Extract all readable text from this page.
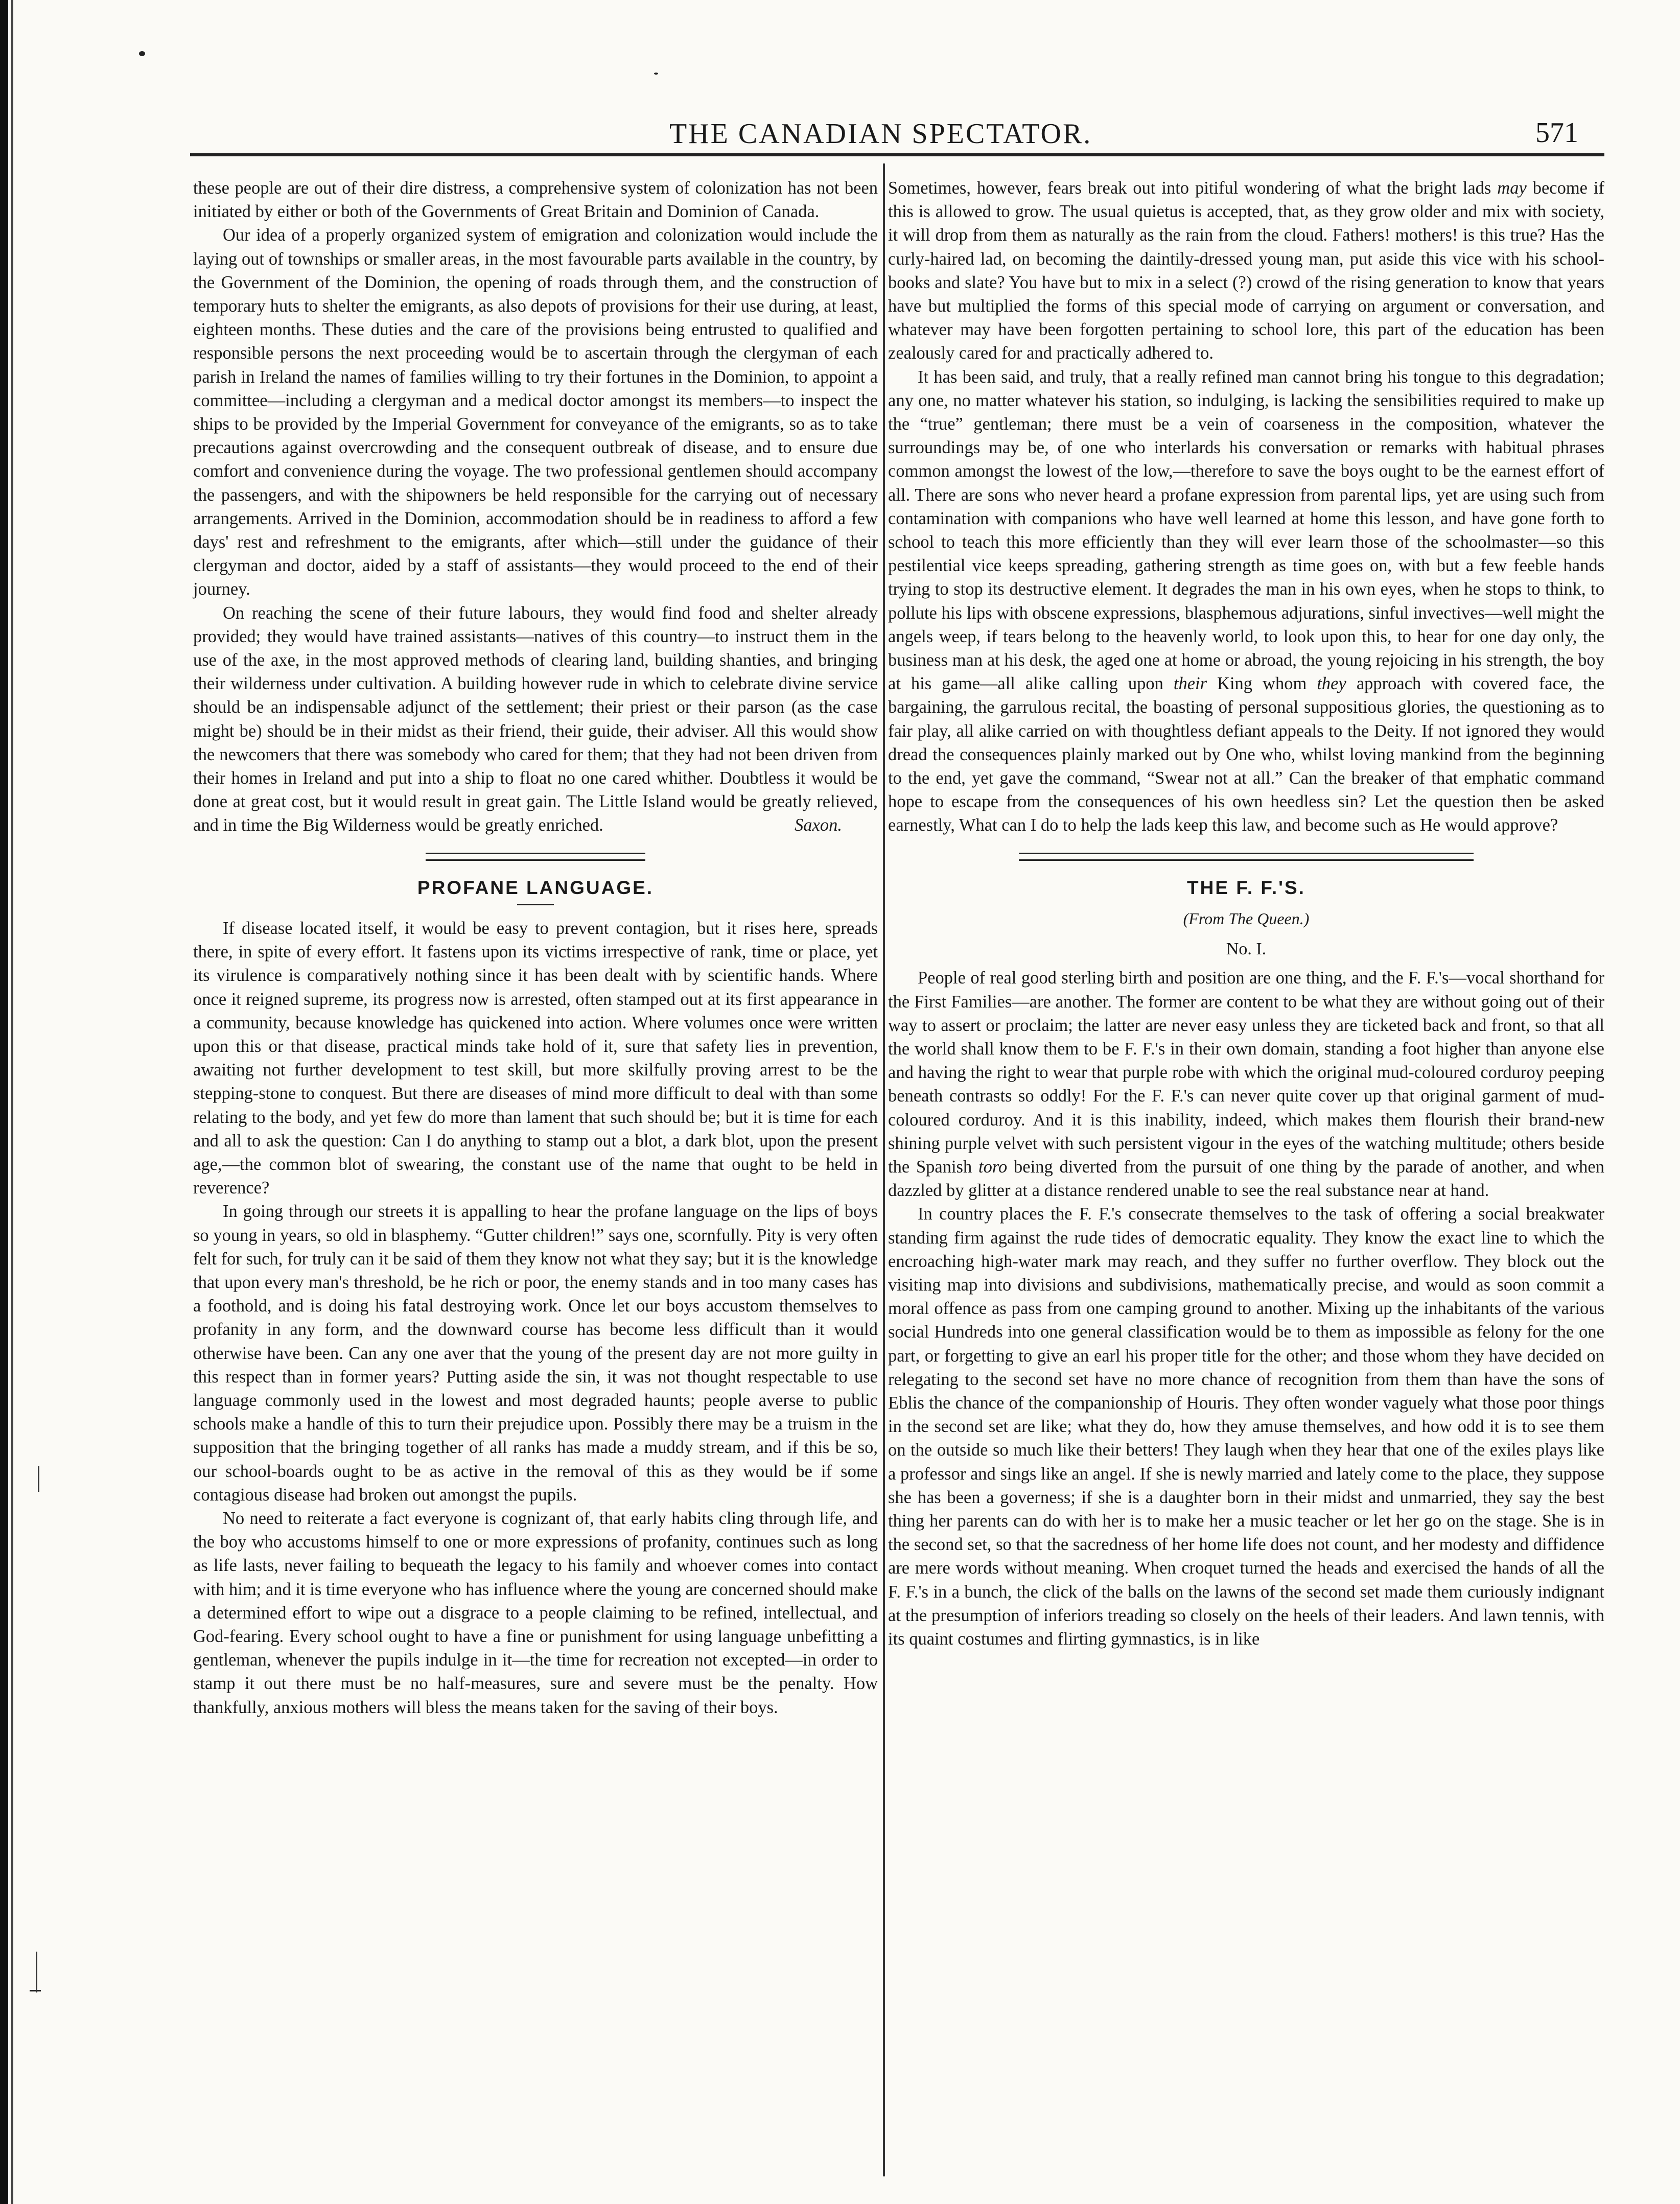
THE CANADIAN SPECTATOR.	571

these people are out of their dire distress, a comprehensive system of colonization has not been initiated by either or both of the Governments of Great Britain and Dominion of Canada.

Our idea of a properly organized system of emigration and colonization would include the laying out of townships or smaller areas, in the most favourable parts available in the country, by the Government of the Dominion, the opening of roads through them, and the construction of temporary huts to shelter the emigrants, as also depots of provisions for their use during, at least, eighteen months. These duties and the care of the provisions being entrusted to qualified and responsible persons the next proceeding would be to ascertain through the clergyman of each parish in Ireland the names of families willing to try their fortunes in the Dominion, to appoint a committee—including a clergyman and a medical doctor amongst its members—to inspect the ships to be provided by the Imperial Government for conveyance of the emigrants, so as to take precautions against overcrowding and the consequent outbreak of disease, and to ensure due comfort and convenience during the voyage. The two professional gentlemen should accompany the passengers, and with the shipowners be held responsible for the carrying out of necessary arrangements. Arrived in the Dominion, accommodation should be in readiness to afford a few days' rest and refreshment to the emigrants, after which—still under the guidance of their clergyman and doctor, aided by a staff of assistants—they would proceed to the end of their journey.

On reaching the scene of their future labours, they would find food and shelter already provided; they would have trained assistants—natives of this country—to instruct them in the use of the axe, in the most approved methods of clearing land, building shanties, and bringing their wilderness under cultivation. A building however rude in which to celebrate divine service should be an indispensable adjunct of the settlement; their priest or their parson (as the case might be) should be in their midst as their friend, their guide, their adviser. All this would show the newcomers that there was somebody who cared for them; that they had not been driven from their homes in Ireland and put into a ship to float no one cared whither. Doubtless it would be done at great cost, but it would result in great gain. The Little Island would be greatly relieved, and in time the Big Wilderness would be greatly enriched.	Saxon.

PROFANE LANGUAGE.

If disease located itself, it would be easy to prevent contagion, but it rises here, spreads there, in spite of every effort. It fastens upon its victims irrespective of rank, time or place, yet its virulence is comparatively nothing since it has been dealt with by scientific hands. Where once it reigned supreme, its progress now is arrested, often stamped out at its first appearance in a community, because knowledge has quickened into action. Where volumes once were written upon this or that disease, practical minds take hold of it, sure that safety lies in prevention, awaiting not further development to test skill, but more skilfully proving arrest to be the stepping-stone to conquest. But there are diseases of mind more difficult to deal with than some relating to the body, and yet few do more than lament that such should be; but it is time for each and all to ask the question: Can I do anything to stamp out a blot, a dark blot, upon the present age,—the common blot of swearing, the constant use of the name that ought to be held in reverence?

In going through our streets it is appalling to hear the profane language on the lips of boys so young in years, so old in blasphemy. “Gutter children!” says one, scornfully. Pity is very often felt for such, for truly can it be said of them they know not what they say; but it is the knowledge that upon every man's threshold, be he rich or poor, the enemy stands and in too many cases has a foothold, and is doing his fatal destroying work. Once let our boys accustom themselves to profanity in any form, and the downward course has become less difficult than it would otherwise have been. Can any one aver that the young of the present day are not more guilty in this respect than in former years? Putting aside the sin, it was not thought respectable to use language commonly used in the lowest and most degraded haunts; people averse to public schools make a handle of this to turn their prejudice upon. Possibly there may be a truism in the supposition that the bringing together of all ranks has made a muddy stream, and if this be so, our school-boards ought to be as active in the removal of this as they would be if some contagious disease had broken out amongst the pupils.

No need to reiterate a fact everyone is cognizant of, that early habits cling through life, and the boy who accustoms himself to one or more expressions of profanity, continues such as long as life lasts, never failing to bequeath the legacy to his family and whoever comes into contact with him; and it is time everyone who has influence where the young are concerned should make a determined effort to wipe out a disgrace to a people claiming to be refined, intellectual, and God-fearing. Every school ought to have a fine or punishment for using language unbefitting a gentleman, whenever the pupils indulge in it—the time for recreation not excepted—in order to stamp it out there must be no half-measures, sure and severe must be the penalty. How thankfully, anxious mothers will bless the means taken for the saving of their boys.

Sometimes, however, fears break out into pitiful wondering of what the bright lads may become if this is allowed to grow. The usual quietus is accepted, that, as they grow older and mix with society, it will drop from them as naturally as the rain from the cloud. Fathers! mothers! is this true? Has the curly-haired lad, on becoming the daintily-dressed young man, put aside this vice with his school-books and slate? You have but to mix in a select (?) crowd of the rising generation to know that years have but multiplied the forms of this special mode of carrying on argument or conversation, and whatever may have been forgotten pertaining to school lore, this part of the education has been zealously cared for and practically adhered to.

It has been said, and truly, that a really refined man cannot bring his tongue to this degradation; any one, no matter whatever his station, so indulging, is lacking the sensibilities required to make up the “true” gentleman; there must be a vein of coarseness in the composition, whatever the surroundings may be, of one who interlards his conversation or remarks with habitual phrases common amongst the lowest of the low,—therefore to save the boys ought to be the earnest effort of all. There are sons who never heard a profane expression from parental lips, yet are using such from contamination with companions who have well learned at home this lesson, and have gone forth to school to teach this more efficiently than they will ever learn those of the schoolmaster—so this pestilential vice keeps spreading, gathering strength as time goes on, with but a few feeble hands trying to stop its destructive element. It degrades the man in his own eyes, when he stops to think, to pollute his lips with obscene expressions, blasphemous adjurations, sinful invectives—well might the angels weep, if tears belong to the heavenly world, to look upon this, to hear for one day only, the business man at his desk, the aged one at home or abroad, the young rejoicing in his strength, the boy at his game—all alike calling upon their King whom they approach with covered face, the bargaining, the garrulous recital, the boasting of personal suppositious glories, the questioning as to fair play, all alike carried on with thoughtless defiant appeals to the Deity. If not ignored they would dread the consequences plainly marked out by One who, whilst loving mankind from the beginning to the end, yet gave the command, “Swear not at all.” Can the breaker of that emphatic command hope to escape from the consequences of his own heedless sin? Let the question then be asked earnestly, What can I do to help the lads keep this law, and become such as He would approve?

THE F. F.'S.
(From The Queen.)
No. I.

People of real good sterling birth and position are one thing, and the F. F.'s—vocal shorthand for the First Families—are another. The former are content to be what they are without going out of their way to assert or proclaim; the latter are never easy unless they are ticketed back and front, so that all the world shall know them to be F. F.'s in their own domain, standing a foot higher than anyone else and having the right to wear that purple robe with which the original mud-coloured corduroy peeping beneath contrasts so oddly! For the F. F.'s can never quite cover up that original garment of mud-coloured corduroy. And it is this inability, indeed, which makes them flourish their brand-new shining purple velvet with such persistent vigour in the eyes of the watching multitude; others beside the Spanish toro being diverted from the pursuit of one thing by the parade of another, and when dazzled by glitter at a distance rendered unable to see the real substance near at hand.

In country places the F. F.'s consecrate themselves to the task of offering a social breakwater standing firm against the rude tides of democratic equality. They know the exact line to which the encroaching high-water mark may reach, and they suffer no further overflow. They block out the visiting map into divisions and subdivisions, mathematically precise, and would as soon commit a moral offence as pass from one camping ground to another. Mixing up the inhabitants of the various social Hundreds into one general classification would be to them as impossible as felony for the one part, or forgetting to give an earl his proper title for the other; and those whom they have decided on relegating to the second set have no more chance of recognition from them than have the sons of Eblis the chance of the companionship of Houris. They often wonder vaguely what those poor things in the second set are like; what they do, how they amuse themselves, and how odd it is to see them on the outside so much like their betters! They laugh when they hear that one of the exiles plays like a professor and sings like an angel. If she is newly married and lately come to the place, they suppose she has been a governess; if she is a daughter born in their midst and unmarried, they say the best thing her parents can do with her is to make her a music teacher or let her go on the stage. She is in the second set, so that the sacredness of her home life does not count, and her modesty and diffidence are mere words without meaning. When croquet turned the heads and exercised the hands of all the F. F.'s in a bunch, the click of the balls on the lawns of the second set made them curiously indignant at the presumption of inferiors treading so closely on the heels of their leaders. And lawn tennis, with its quaint costumes and flirting gymnastics, is in like
